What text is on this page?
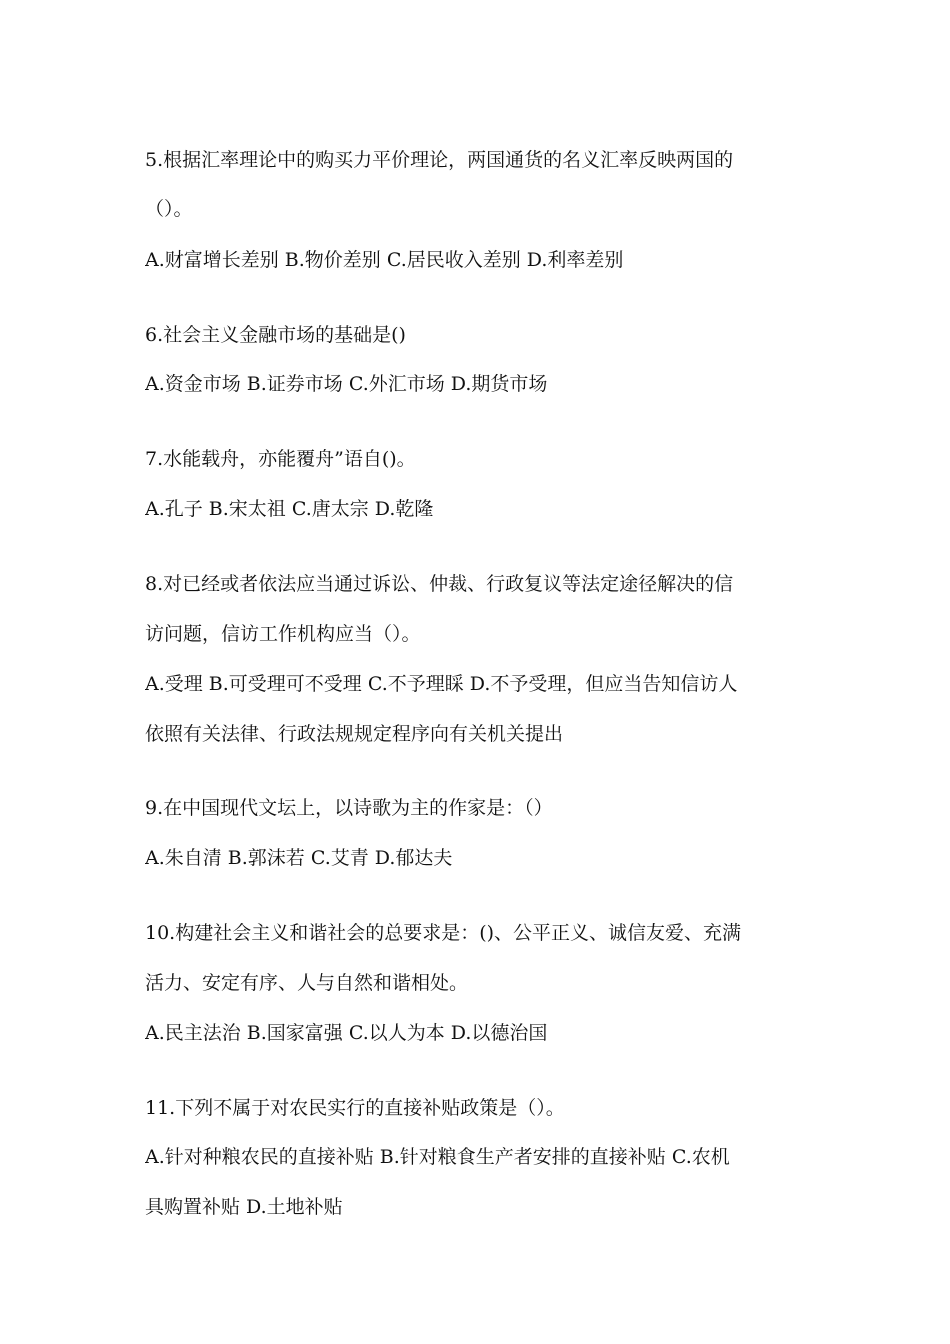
5.根据汇率理论中的购买力平价理论，两国通货的名义汇率反映两国的
（）。
A.财富增长差别 B.物价差别 C.居民收入差别 D.利率差别
6.社会主义金融市场的基础是()
A.资金市场 B.证券市场 C.外汇市场 D.期货市场
7.水能载舟，亦能覆舟”语自()。
A.孔子 B.宋太祖 C.唐太宗 D.乾隆
8.对已经或者依法应当通过诉讼、仲裁、行政复议等法定途径解决的信
访问题，信访工作机构应当（）。
A.受理 B.可受理可不受理 C.不予理睬 D.不予受理，但应当告知信访人
依照有关法律、行政法规规定程序向有关机关提出
9.在中国现代文坛上，以诗歌为主的作家是：（）
A.朱自清 B.郭沫若 C.艾青 D.郁达夫
10.构建社会主义和谐社会的总要求是：()、公平正义、诚信友爱、充满
活力、安定有序、人与自然和谐相处。
A.民主法治 B.国家富强 C.以人为本 D.以德治国
11.下列不属于对农民实行的直接补贴政策是（）。
A.针对种粮农民的直接补贴 B.针对粮食生产者安排的直接补贴 C.农机
具购置补贴 D.土地补贴
